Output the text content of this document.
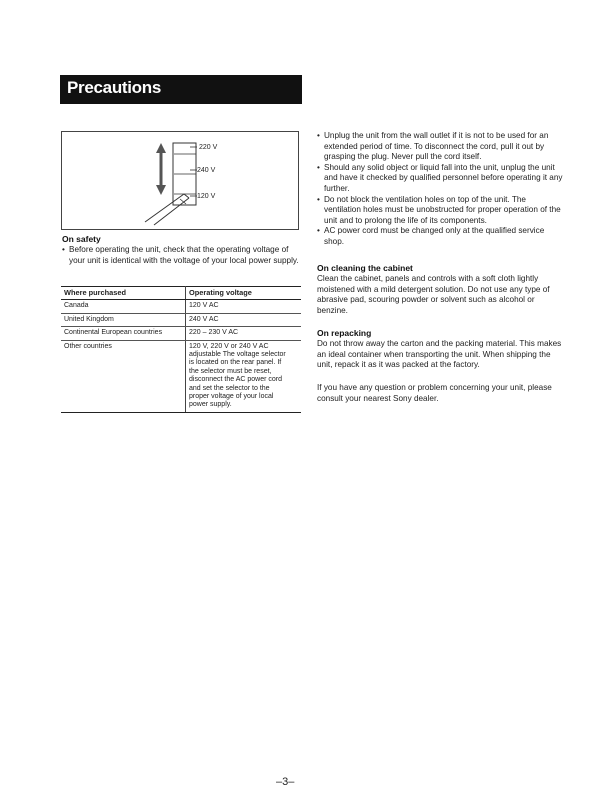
Precautions
220 V
240 V
120 V
On safety

• Before operating the unit, check that the operating voltage of your unit is identical with the voltage of your local power supply.

Where purchased	Operating voltage
Canada	120 V AC
United Kingdom	240 V AC
Continental European countries	220 – 230 V AC
Other countries	120 V, 220 V or 240 V AC adjustable The voltage selector is located on the rear panel. If the selector must be reset, disconnect the AC power cord and set the selector to the proper voltage of your local power supply.

• Unplug the unit from the wall outlet if it is not to be used for an extended period of time. To disconnect the cord, pull it out by grasping the plug. Never pull the cord itself.

• Should any solid object or liquid fall into the unit, unplug the unit and have it checked by qualified personnel before operating it any further.

• Do not block the ventilation holes on top of the unit. The ventilation holes must be unobstructed for proper operation of the unit and to prolong the life of its components.

• AC power cord must be changed only at the qualified service shop.

On cleaning the cabinet
Clean the cabinet, panels and controls with a soft cloth lightly moistened with a mild detergent solution. Do not use any type of abrasive pad, scouring powder or solvent such as alcohol or benzine.
On repacking
Do not throw away the carton and the packing material. This makes an ideal container when transporting the unit. When shipping the unit, repack it as it was packed at the factory.
If you have any question or problem concerning your unit, please consult your nearest Sony dealer.
–3–
